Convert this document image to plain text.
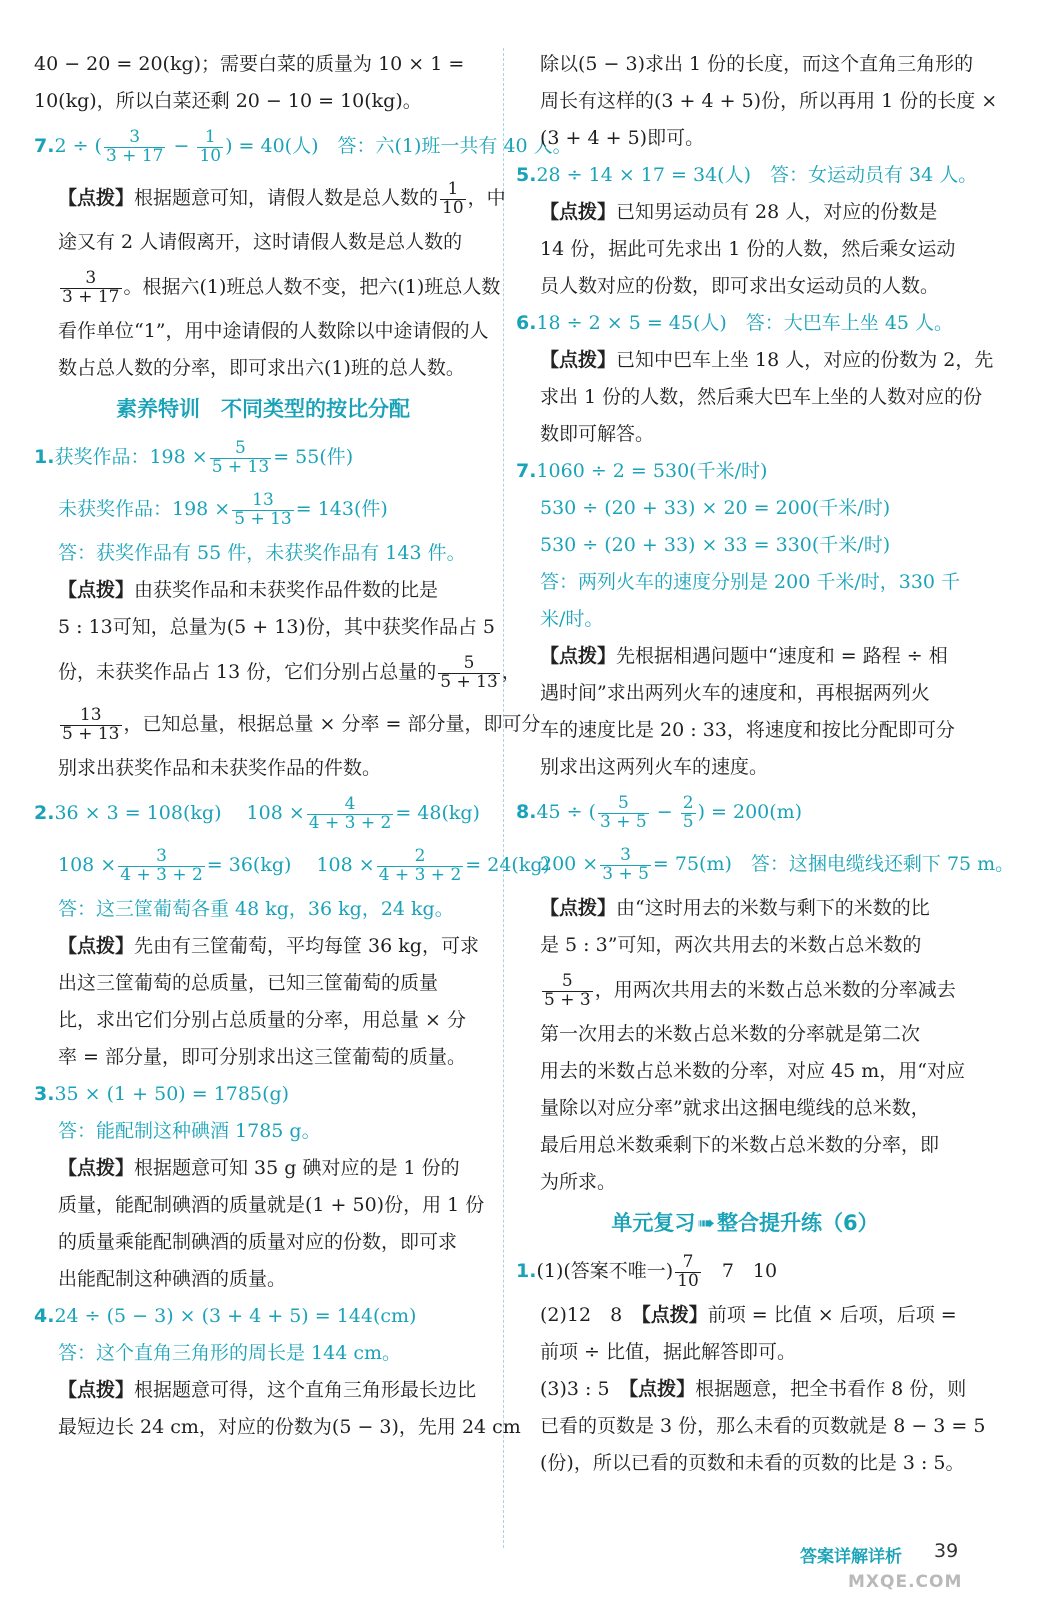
40 − 20 = 20(kg)；需要白菜的质量为 10 × 1 =
10(kg)，所以白菜还剩 20 − 10 = 10(kg)。
7.2 ÷ ( $\frac{3}{3 + 17} - \frac{1}{10}$ ) = 40(人)　答：六(1)班一共有 40 人。
【点拨】根据题意可知，请假人数是总人数的 $\frac{1}{10}$ ，中
途又有 2 人请假离开，这时请假人数是总人数的
$\frac{3}{3 + 17}$ 。根据六(1)班总人数不变，把六(1)班总人数
看作单位“1”，用中途请假的人数除以中途请假的人
数占总人数的分率，即可求出六(1)班的总人数。
素养特训　不同类型的按比分配
1.获奖作品：$198 \times \frac{5}{5 + 13} = 55$(件)
未获奖作品：$198 \times \frac{13}{5 + 13} = 143$(件)
答：获奖作品有 55 件，未获奖作品有 143 件。
【点拨】由获奖作品和未获奖作品件数的比是
5 : 13可知，总量为(5 + 13)份，其中获奖作品占 5
份，未获奖作品占 13 份，它们分别占总量的 $\frac{5}{5 + 13}$ ，
$\frac{13}{5 + 13}$ ，已知总量，根据总量 × 分率 = 部分量，即可分
别求出获奖作品和未获奖作品的件数。
2.36 × 3 = 108(kg)　 $108 \times \frac{4}{4 + 3 + 2} = 48(kg)$
$108 \times \frac{3}{4 + 3 + 2} = 36(kg)$　 $108 \times \frac{2}{4 + 3 + 2} = 24(kg)$
答：这三筐葡萄各重 48 kg，36 kg，24 kg。
【点拨】先由有三筐葡萄，平均每筐 36 kg，可求
出这三筐葡萄的总质量，已知三筐葡萄的质量
比，求出它们分别占总质量的分率，用总量 × 分
率 = 部分量，即可分别求出这三筐葡萄的质量。
3.35 × (1 + 50) = 1785(g)
答：能配制这种碘酒 1785 g。
【点拨】根据题意可知 35 g 碘对应的是 1 份的
质量，能配制碘酒的质量就是(1 + 50)份，用 1 份
的质量乘能配制碘酒的质量对应的份数，即可求
出能配制这种碘酒的质量。
4.24 ÷ (5 − 3) × (3 + 4 + 5) = 144(cm)
答：这个直角三角形的周长是 144 cm。
【点拨】根据题意可得，这个直角三角形最长边比
最短边长 24 cm，对应的份数为(5 − 3)，先用 24 cm
除以(5 − 3)求出 1 份的长度，而这个直角三角形的
周长有这样的(3 + 4 + 5)份，所以再用 1 份的长度 ×
(3 + 4 + 5)即可。
5.28 ÷ 14 × 17 = 34(人)　答：女运动员有 34 人。
【点拨】已知男运动员有 28 人，对应的份数是
14 份，据此可先求出 1 份的人数，然后乘女运动
员人数对应的份数，即可求出女运动员的人数。
6.18 ÷ 2 × 5 = 45(人)　答：大巴车上坐 45 人。
【点拨】已知中巴车上坐 18 人，对应的份数为 2，先
求出 1 份的人数，然后乘大巴车上坐的人数对应的份
数即可解答。
7.1060 ÷ 2 = 530(千米/时)
530 ÷ (20 + 33) × 20 = 200(千米/时)
530 ÷ (20 + 33) × 33 = 330(千米/时)
答：两列火车的速度分别是 200 千米/时，330 千
米/时。
【点拨】先根据相遇问题中“速度和 = 路程 ÷ 相
遇时间”求出两列火车的速度和，再根据两列火
车的速度比是 20 : 33，将速度和按比分配即可分
别求出这两列火车的速度。
8.45 ÷ ( $\frac{5}{3 + 5} - \frac{2}{5}$ ) = 200(m)
$200 \times \frac{3}{3 + 5} = 75(m)$　答：这捆电缆线还剩下 75 m。
【点拨】由“这时用去的米数与剩下的米数的比
是 5 : 3”可知，两次共用去的米数占总米数的
$\frac{5}{5 + 3}$ ，用两次共用去的米数占总米数的分率减去
第一次用去的米数占总米数的分率就是第二次
用去的米数占总米数的分率，对应 45 m，用“对应
量除以对应分率”就求出这捆电缆线的总米数，
最后用总米数乘剩下的米数占总米数的分率，即
为所求。
单元复习➠整合提升练（6）
1.(1)(答案不唯一) $\frac{7}{10}$ 　7　10
(2)12　8　【点拨】前项 = 比值 × 后项，后项 =
前项 ÷ 比值，据此解答即可。
(3)3 : 5　【点拨】根据题意，把全书看作 8 份，则
已看的页数是 3 份，那么未看的页数就是 8 − 3 = 5
(份)，所以已看的页数和未看的页数的比是 3 : 5。
答案详解详析 39
MXQE.COM
